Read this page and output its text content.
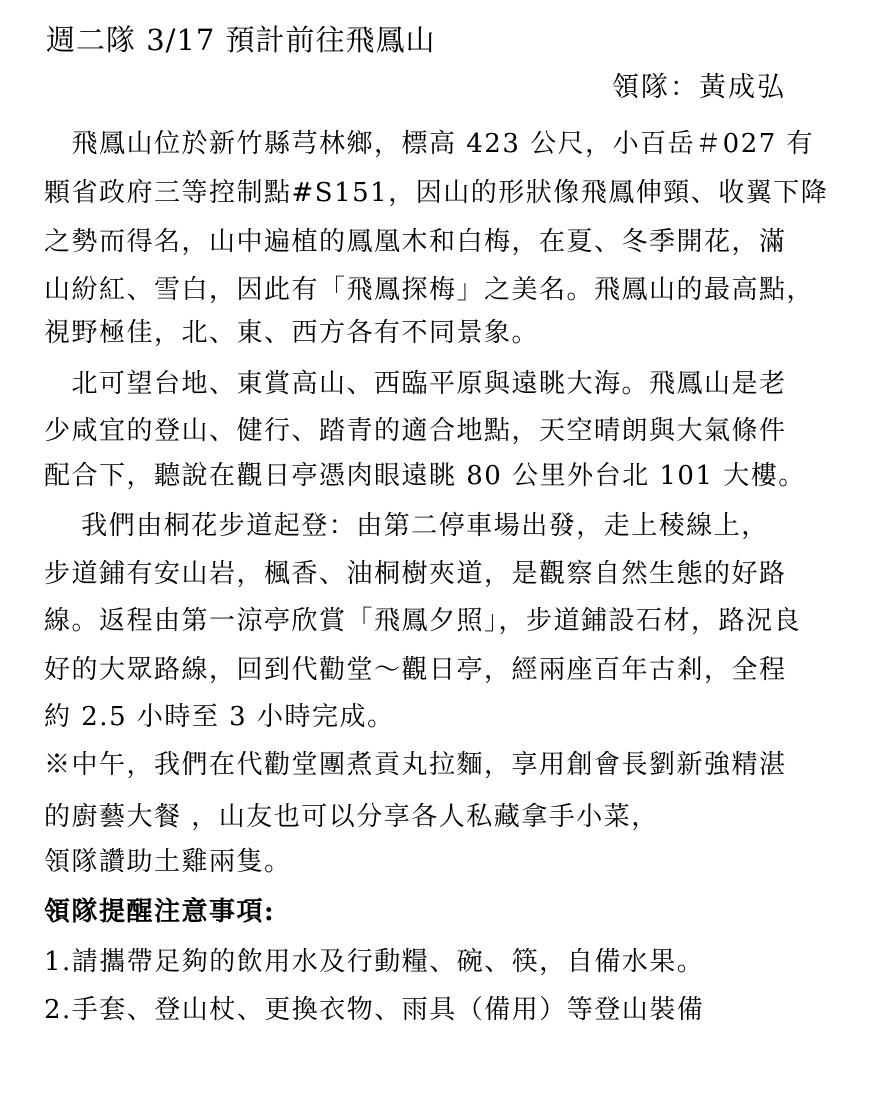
週二隊 3/17 預計前往飛鳳山
領隊：黃成弘
　飛鳳山位於新竹縣芎林鄉，標高 423 公尺，小百岳＃027 有
顆省政府三等控制點#S151，因山的形狀像飛鳳伸頸、收翼下降
之勢而得名，山中遍植的鳳凰木和白梅，在夏、冬季開花，滿
山紛紅、雪白，因此有「飛鳳探梅」之美名。飛鳳山的最高點，
視野極佳，北、東、西方各有不同景象。
　北可望台地、東賞高山、西臨平原與遠眺大海。飛鳳山是老
少咸宜的登山、健行、踏青的適合地點，天空晴朗與大氣條件
配合下，聽說在觀日亭憑肉眼遠眺 80 公里外台北 101 大樓。
　 我們由桐花步道起登：由第二停車場出發，走上稜線上，
步道鋪有安山岩，楓香、油桐樹夾道，是觀察自然生態的好路
線。返程由第一涼亭欣賞「飛鳳夕照」，步道鋪設石材，路況良
好的大眾路線，回到代勸堂～觀日亭，經兩座百年古剎，全程
約 2.5 小時至 3 小時完成。
※中午，我們在代勸堂團煮貢丸拉麵，享用創會長劉新強精湛
的廚藝大餐 ，山友也可以分享各人私藏拿手小菜，
領隊讚助土雞兩隻。
領隊提醒注意事項:
1.請攜帶足夠的飲用水及行動糧、碗、筷，自備水果。
2.手套、登山杖、更換衣物、雨具（備用）等登山裝備
